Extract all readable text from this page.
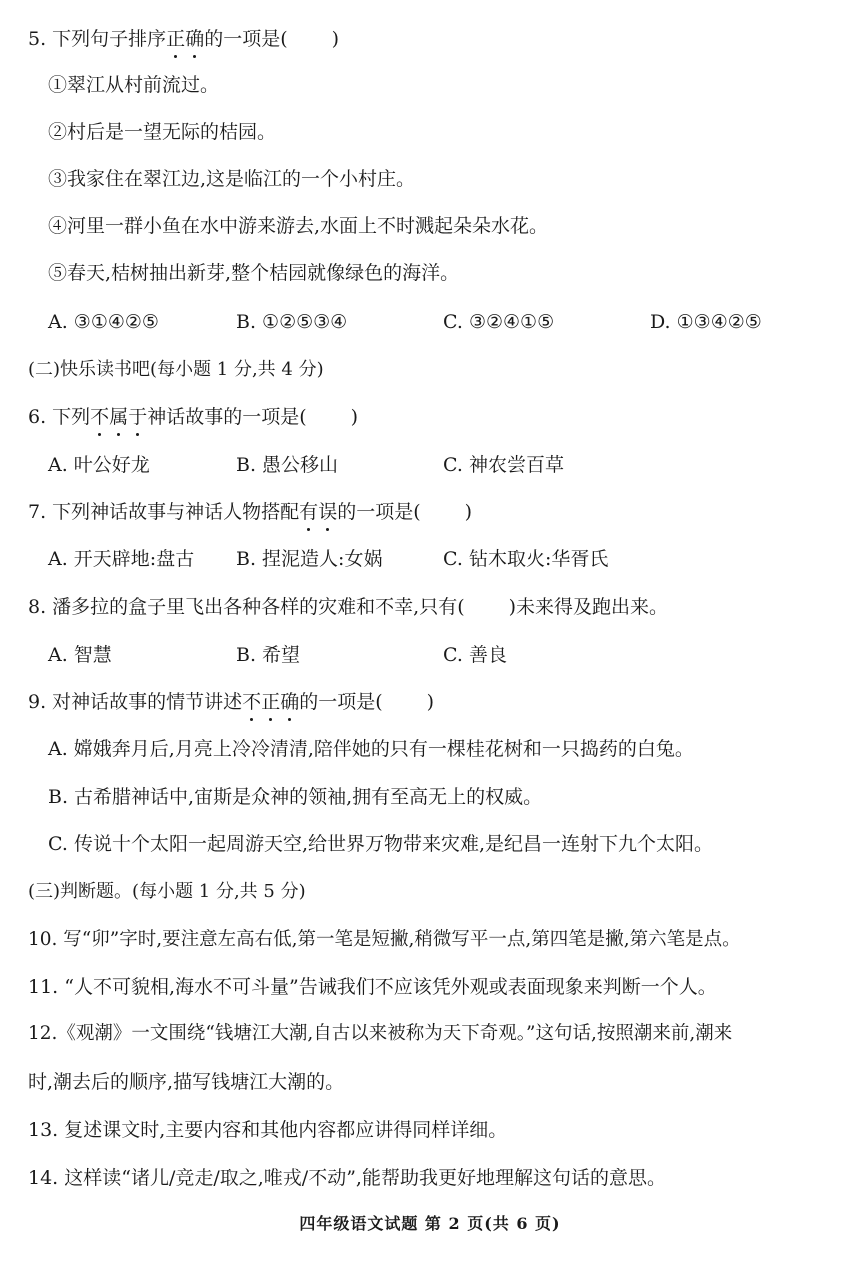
5. 下列句子排序正确的一项是( )
①翠江从村前流过。
②村后是一望无际的桔园。
③我家住在翠江边,这是临江的一个小村庄。
④河里一群小鱼在水中游来游去,水面上不时溅起朵朵水花。
⑤春天,桔树抽出新芽,整个桔园就像绿色的海洋。
A. ③①④②⑤	B. ①②⑤③④	C. ③②④①⑤	D. ①③④②⑤
(二)快乐读书吧(每小题 1 分,共 4 分)
6. 下列不属于神话故事的一项是( )
A. 叶公好龙	B. 愚公移山	C. 神农尝百草
7. 下列神话故事与神话人物搭配有误的一项是( )
A. 开天辟地:盘古 B. 捏泥造人:女娲	C. 钻木取火:华胥氏
8. 潘多拉的盒子里飞出各种各样的灾难和不幸,只有( )未来得及跑出来。
A. 智慧	B. 希望	C. 善良
9. 对神话故事的情节讲述不正确的一项是( )
A. 嫦娥奔月后,月亮上冷冷清清,陪伴她的只有一棵桂花树和一只捣药的白兔。
B. 古希腊神话中,宙斯是众神的领袖,拥有至高无上的权威。
C. 传说十个太阳一起周游天空,给世界万物带来灾难,是纪昌一连射下九个太阳。
(三)判断题。(每小题 1 分,共 5 分)
10. 写“卯”字时,要注意左高右低,第一笔是短撇,稍微写平一点,第四笔是撇,第六笔是点。
11. “人不可貌相,海水不可斗量”告诫我们不应该凭外观或表面现象来判断一个人。
12.《观潮》一文围绕“钱塘江大潮,自古以来被称为天下奇观。”这句话,按照潮来前,潮来
时,潮去后的顺序,描写钱塘江大潮的。
13. 复述课文时,主要内容和其他内容都应讲得同样详细。
14. 这样读“诸儿/竞走/取之,唯戎/不动”,能帮助我更好地理解这句话的意思。
四年级语文试题 第 2 页(共 6 页)
